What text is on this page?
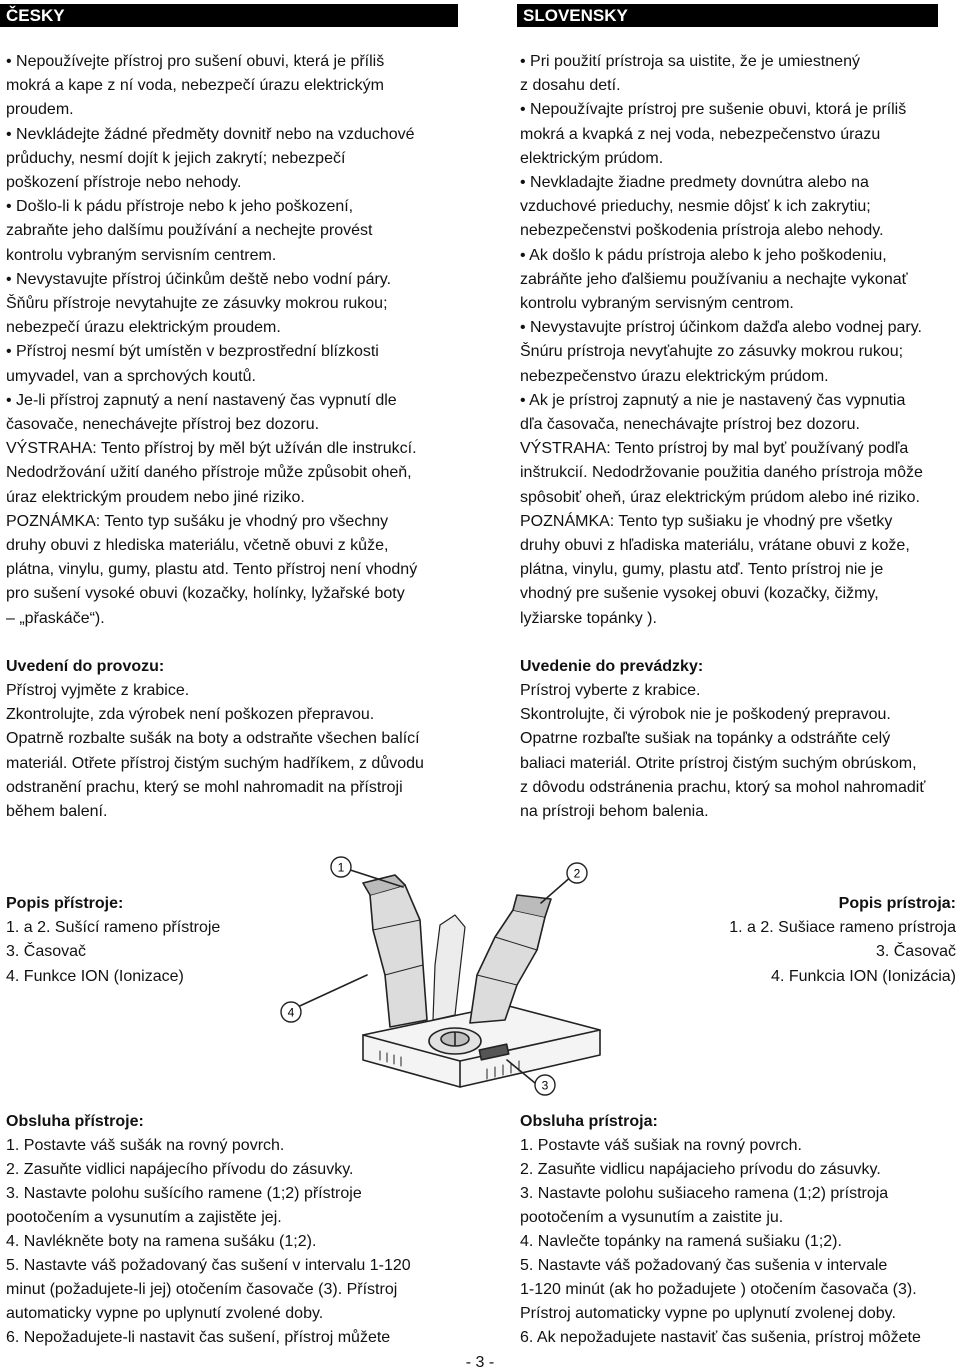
ČESKY	SLOVENSKY

• Nepoužívejte přístroj pro sušení obuvi, která je příliš

mokrá a kape z ní voda, nebezpečí úrazu elektrickým

proudem.

• Nevkládejte žádné předměty dovnitř nebo na vzduchové

průduchy, nesmí dojít k jejich zakrytí; nebezpečí

poškození přístroje nebo nehody.

• Došlo-li k pádu přístroje nebo k jeho poškození,

zabraňte jeho dalšímu používání a nechejte provést

kontrolu vybraným servisním centrem.

• Nevystavujte přístroj účinkům deště nebo vodní páry.

Šňůru přístroje nevytahujte ze zásuvky mokrou rukou;

nebezpečí úrazu elektrickým proudem.

• Přístroj nesmí být umístěn v bezprostřední blízkosti

umyvadel, van a sprchových koutů.

• Je-li přístroj zapnutý a není nastavený čas vypnutí dle

časovače, nenechávejte přístroj bez dozoru.

VÝSTRAHA: Tento přístroj by měl být užíván dle instrukcí.

Nedodržování užití daného přístroje může způsobit oheň,

úraz elektrickým proudem nebo jiné riziko.

POZNÁMKA: Tento typ sušáku je vhodný pro všechny

druhy obuvi z hlediska materiálu, včetně obuvi z kůže,

plátna, vinylu, gumy, plastu atd. Tento přístroj není vhodný

pro sušení vysoké obuvi (kozačky, holínky, lyžařské boty

– „přaskáče“).

Uvedení do provozu:

Přístroj vyjměte z krabice.

Zkontrolujte, zda výrobek není poškozen přepravou.

Opatrně rozbalte sušák na boty a odstraňte všechen balící

materiál. Otřete přístroj čistým suchým hadříkem, z důvodu

odstranění prachu, který se mohl nahromadit na přístroji

během balení.

• Pri použití prístroja sa uistite, že je umiestnený

z dosahu detí.

• Nepoužívajte prístroj pre sušenie obuvi, ktorá je príliš

mokrá a kvapká z nej voda, nebezpečenstvo úrazu

elektrickým prúdom.

• Nevkladajte žiadne predmety dovnútra alebo na

vzduchové prieduchy, nesmie dôjsť k ich zakrytiu;

nebezpečenstvi poškodenia prístroja alebo nehody.

• Ak došlo k pádu prístroja alebo k jeho poškodeniu,

zabráňte jeho ďalšiemu používaniu a nechajte vykonať

kontrolu vybraným servisným centrom.

• Nevystavujte prístroj účinkom dažďa alebo vodnej pary.

Šnúru prístroja nevyťahujte zo zásuvky mokrou rukou;

nebezpečenstvo úrazu elektrickým prúdom.

• Ak je prístroj zapnutý a nie je nastavený čas vypnutia

dľa časovača, nenechávajte prístroj bez dozoru.

VÝSTRAHA: Tento prístroj by mal byť používaný podľa

inštrukcií. Nedodržovanie použitia daného prístroja môže

spôsobiť oheň, úraz elektrickým prúdom alebo iné riziko.

POZNÁMKA: Tento typ sušiaku je vhodný pre všetky

druhy obuvi z hľadiska materiálu, vrátane obuvi z kože,

plátna, vinylu, gumy, plastu atď. Tento prístroj nie je

vhodný pre sušenie vysokej obuvi (kozačky, čižmy,

lyžiarske topánky ).

Uvedenie do prevádzky:

Prístroj vyberte z krabice.

Skontrolujte, či výrobok nie je poškodený prepravou.

Opatrne rozbaľte sušiak na topánky a odstráňte celý

baliaci materiál. Otrite prístroj čistým suchým obrúskom,

z dôvodu odstránenia prachu, ktorý sa mohol nahromadiť

na prístroji behom balenia.

Popis přístroje:

1. a 2. Sušící rameno přístroje

3. Časovač

4. Funkce ION (Ionizace)

Popis prístroja:

1. a 2. Sušiace rameno prístroja

3. Časovač

4. Funkcia ION (Ionizácia)

1	2
3
4

Obsluha přístroje:

1. Postavte váš sušák na rovný povrch.

2. Zasuňte vidlici napájecího přívodu do zásuvky.

3. Nastavte polohu sušícího ramene (1;2) přístroje

pootočením a vysunutím a zajistěte jej.

4. Navlékněte boty na ramena sušáku (1;2).

5. Nastavte váš požadovaný čas sušení v intervalu 1-120

minut (požadujete-li jej) otočením časovače (3). Přístroj

automaticky vypne po uplynutí zvolené doby.

6. Nepožadujete-li nastavit čas sušení, přístroj můžete

Obsluha prístroja:

1. Postavte váš sušiak na rovný povrch.

2. Zasuňte vidlicu napájacieho prívodu do zásuvky.

3. Nastavte polohu sušiaceho ramena (1;2) prístroja

pootočením a vysunutím a zaistite ju.

4. Navlečte topánky na ramená sušiaku (1;2).

5. Nastavte váš požadovaný čas sušenia v intervale

1-120 minút (ak ho požadujete ) otočením časovača (3).

Prístroj automaticky vypne po uplynutí zvolenej doby.

6. Ak nepožadujete nastaviť čas sušenia, prístroj môžete

- 3 -
